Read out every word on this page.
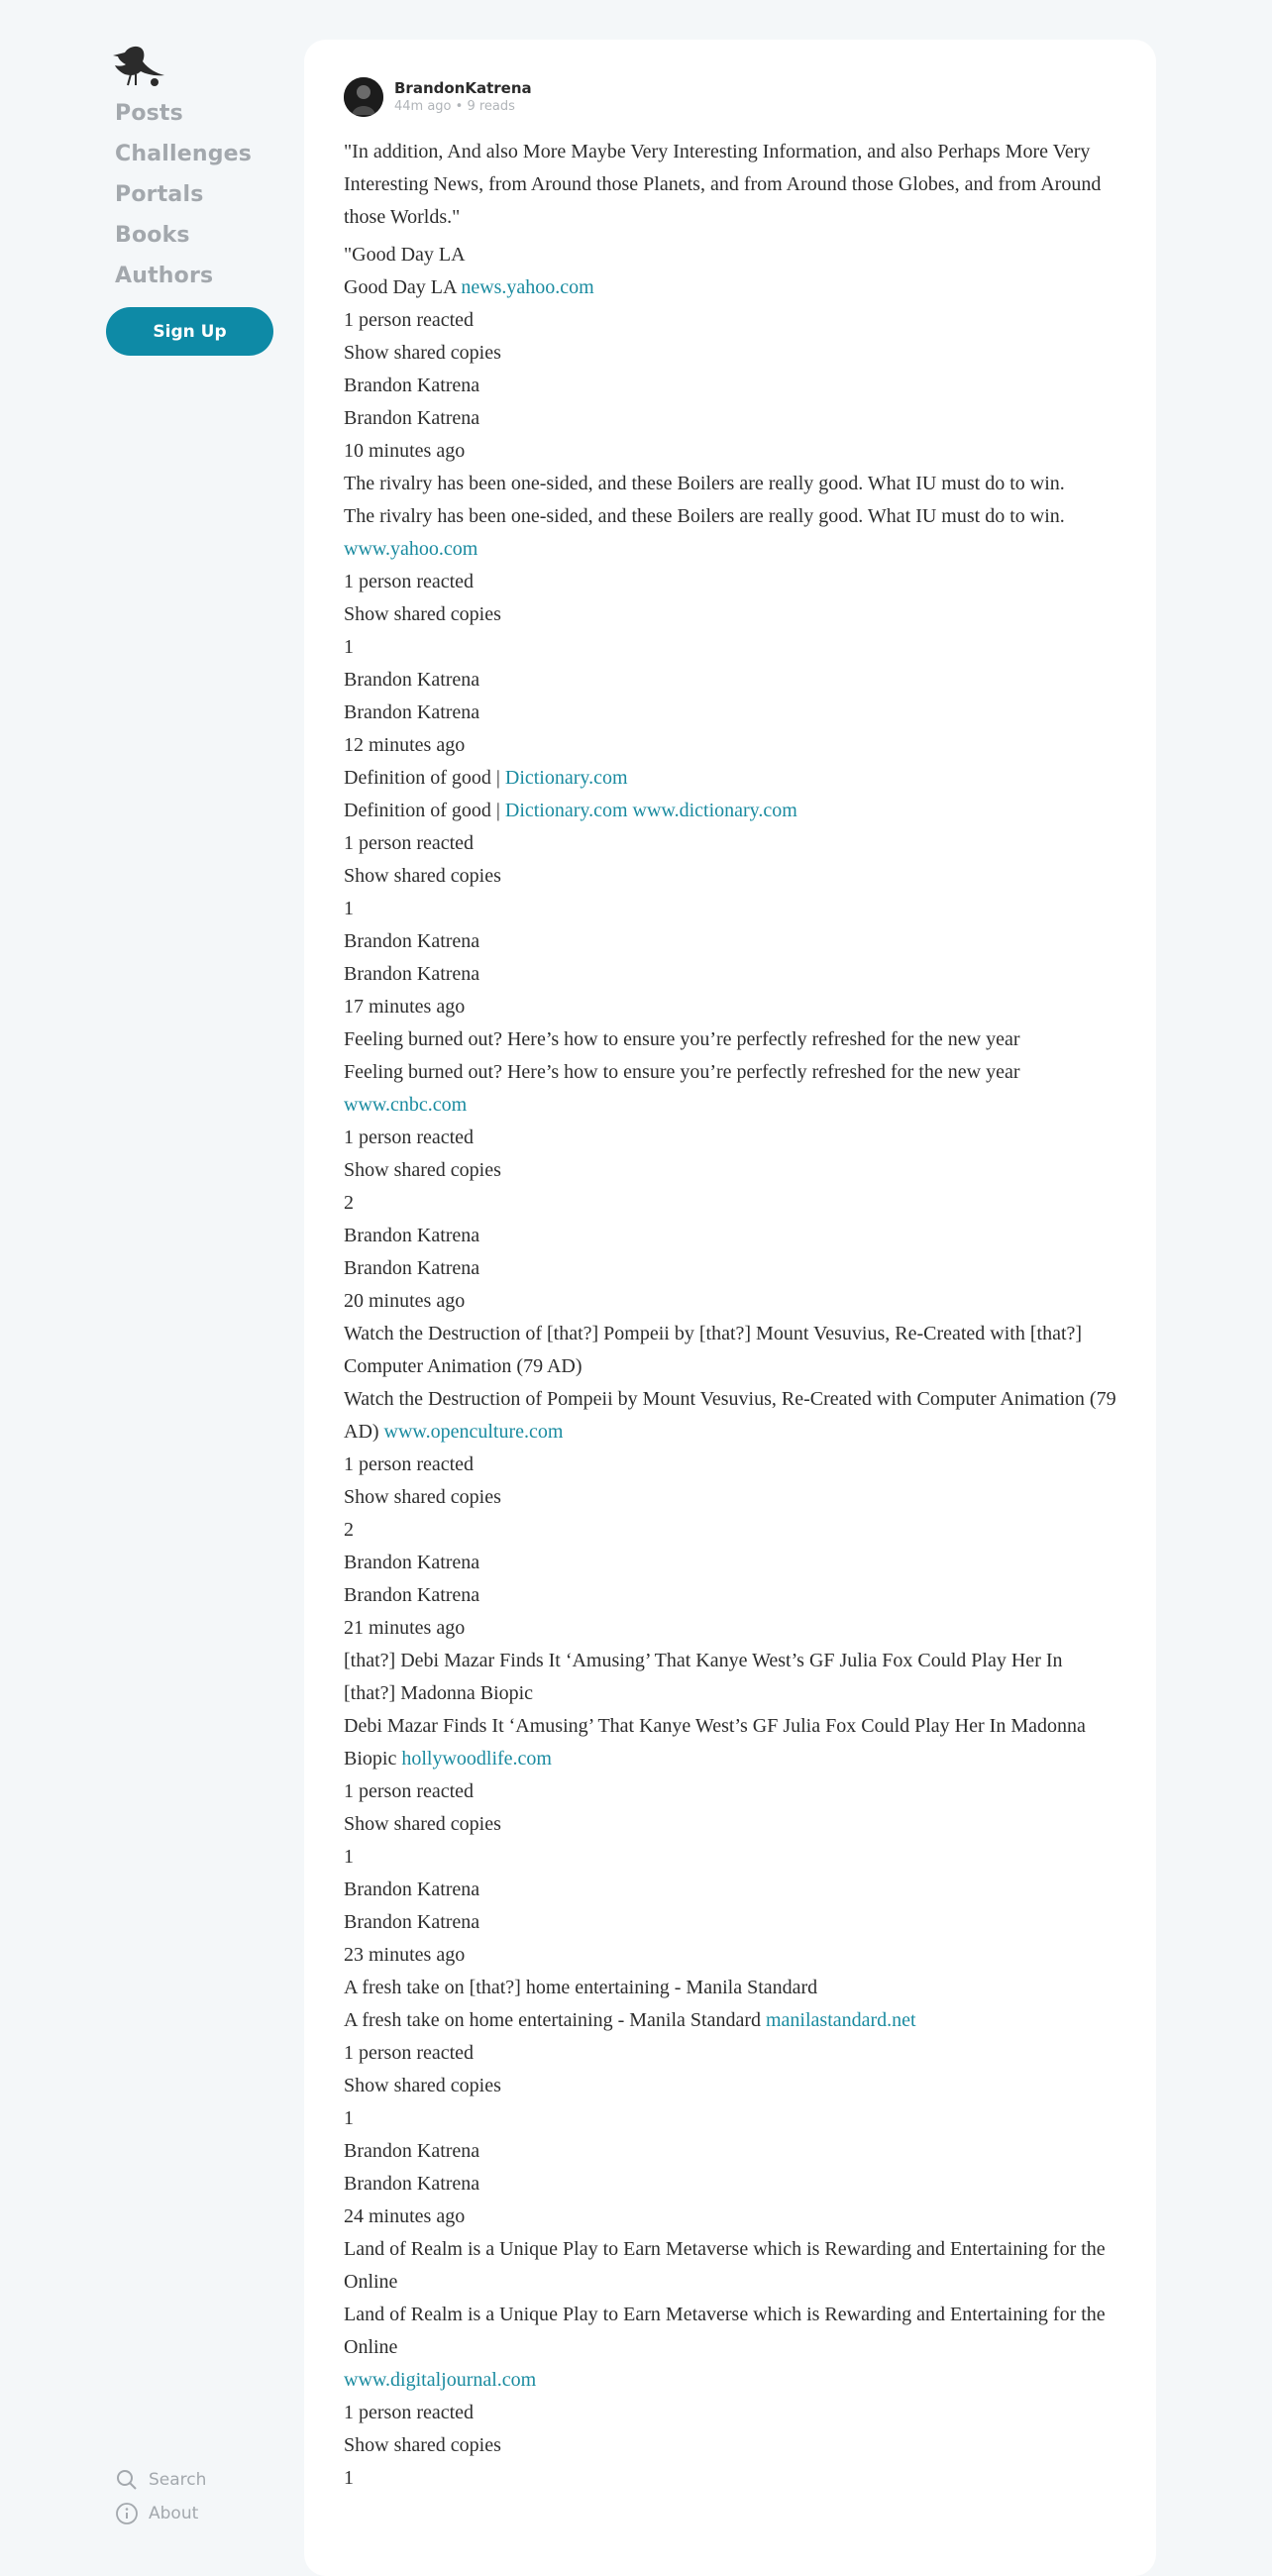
Posts
Challenges
Portals
Books
Authors
Sign Up
Search
About
BrandonKatrena
44m ago • 9 reads

"In addition, And also More Maybe Very Interesting Information, and also Perhaps More Very Interesting News, from Around those Planets, and from Around those Globes, and from Around those Worlds."

"Good Day LA
Good Day LA news.yahoo.com
1 person reacted
Show shared copies
Brandon Katrena
Brandon Katrena
10 minutes ago
The rivalry has been one-sided, and these Boilers are really good. What IU must do to win.
The rivalry has been one-sided, and these Boilers are really good. What IU must do to win. www.yahoo.com
1 person reacted
Show shared copies
1
Brandon Katrena
Brandon Katrena
12 minutes ago
Definition of good | Dictionary.com
Definition of good | Dictionary.com www.dictionary.com
1 person reacted
Show shared copies
1
Brandon Katrena
Brandon Katrena
17 minutes ago
Feeling burned out? Here’s how to ensure you’re perfectly refreshed for the new year
Feeling burned out? Here’s how to ensure you’re perfectly refreshed for the new year www.cnbc.com
1 person reacted
Show shared copies
2
Brandon Katrena
Brandon Katrena
20 minutes ago
Watch the Destruction of [that?] Pompeii by [that?] Mount Vesuvius, Re-Created with [that?] Computer Animation (79 AD)
Watch the Destruction of Pompeii by Mount Vesuvius, Re-Created with Computer Animation (79 AD) www.openculture.com
1 person reacted
Show shared copies
2
Brandon Katrena
Brandon Katrena
21 minutes ago
[that?] Debi Mazar Finds It ‘Amusing’ That Kanye West’s GF Julia Fox Could Play Her In [that?] Madonna Biopic
Debi Mazar Finds It ‘Amusing’ That Kanye West’s GF Julia Fox Could Play Her In Madonna Biopic hollywoodlife.com
1 person reacted
Show shared copies
1
Brandon Katrena
Brandon Katrena
23 minutes ago
A fresh take on [that?] home entertaining - Manila Standard
A fresh take on home entertaining - Manila Standard manilastandard.net
1 person reacted
Show shared copies
1
Brandon Katrena
Brandon Katrena
24 minutes ago
Land of Realm is a Unique Play to Earn Metaverse which is Rewarding and Entertaining for the Online
Land of Realm is a Unique Play to Earn Metaverse which is Rewarding and Entertaining for the Online
www.digitaljournal.com
1 person reacted
Show shared copies
1
